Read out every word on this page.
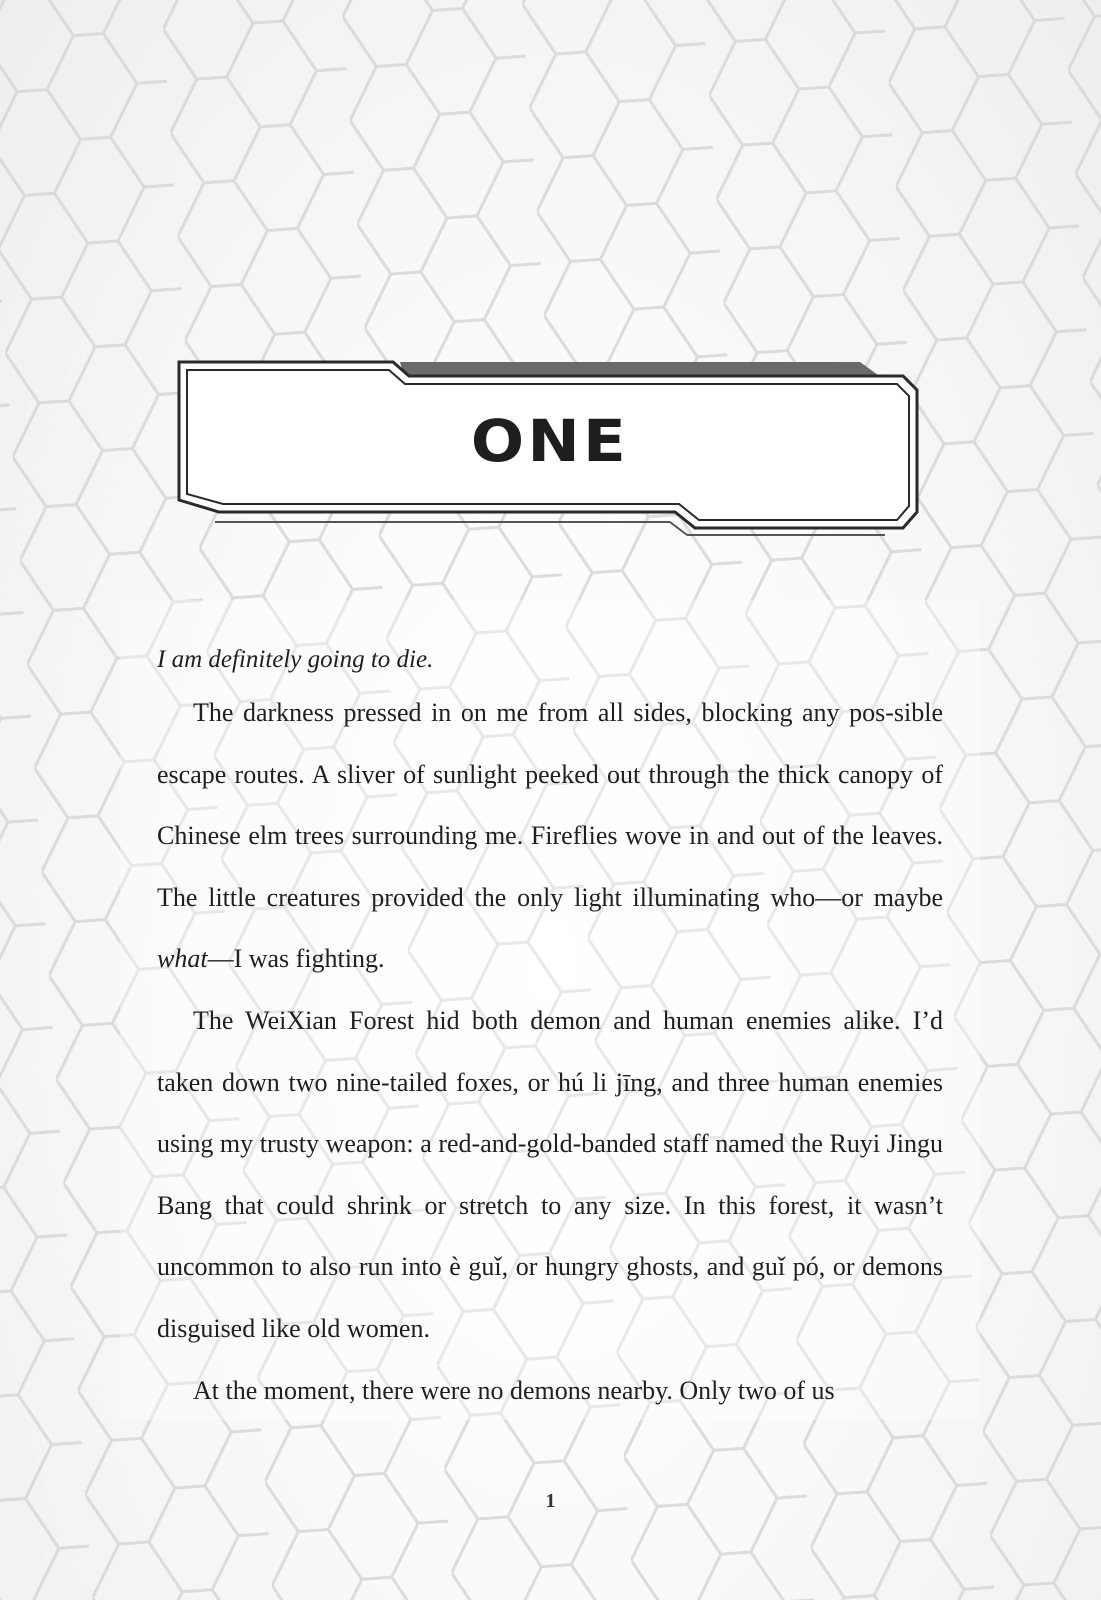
ONE

I am definitely going to die.

The darkness pressed in on me from all sides, blocking any pos-sible escape routes. A sliver of sunlight peeked out through the thick canopy of Chinese elm trees surrounding me. Fireflies wove in and out of the leaves. The little creatures provided the only light illuminating who—or maybe what—I was fighting.

The WeiXian Forest hid both demon and human enemies alike. I’d taken down two nine-tailed foxes, or hú li jīng, and three human enemies using my trusty weapon: a red-and-gold-banded staff named the Ruyi Jingu Bang that could shrink or stretch to any size. In this forest, it wasn’t uncommon to also run into è guǐ, or hungry ghosts, and guǐ pó, or demons disguised like old women.

At the moment, there were no demons nearby. Only two of us

1
